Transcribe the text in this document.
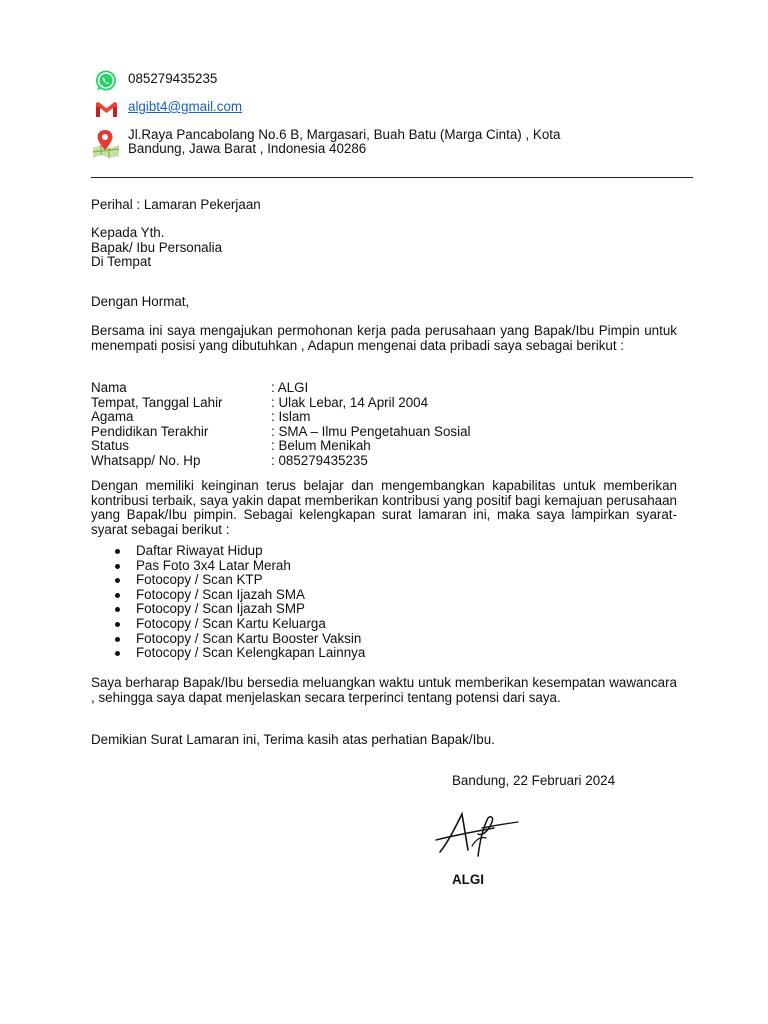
085279435235
algibt4@gmail.com
Jl.Raya Pancabolang No.6 B, Margasari, Buah Batu (Marga Cinta) , Kota
Bandung, Jawa Barat , Indonesia 40286
Perihal : Lamaran Pekerjaan
Kepada Yth.
Bapak/ Ibu Personalia
Di Tempat
Dengan Hormat,
Bersama ini saya mengajukan permohonan kerja pada perusahaan yang Bapak/Ibu Pimpin untuk menempati posisi yang dibutuhkan , Adapun mengenai data pribadi saya sebagai berikut :
Nama	: ALGI
Tempat, Tanggal Lahir	: Ulak Lebar, 14 April 2004
Agama	: Islam
Pendidikan Terakhir	: SMA – Ilmu Pengetahuan Sosial
Status	: Belum Menikah
Whatsapp/ No. Hp	: 085279435235
Dengan memiliki keinginan terus belajar dan mengembangkan kapabilitas untuk memberikan kontribusi terbaik, saya yakin dapat memberikan kontribusi yang positif bagi kemajuan perusahaan yang Bapak/Ibu pimpin. Sebagai kelengkapan surat lamaran ini, maka saya lampirkan syarat-syarat sebagai berikut :
Daftar Riwayat Hidup
Pas Foto 3x4 Latar Merah
Fotocopy / Scan KTP
Fotocopy / Scan Ijazah SMA
Fotocopy / Scan Ijazah SMP
Fotocopy / Scan Kartu Keluarga
Fotocopy / Scan Kartu Booster Vaksin
Fotocopy / Scan Kelengkapan Lainnya
Saya berharap Bapak/Ibu bersedia meluangkan waktu untuk memberikan kesempatan wawancara , sehingga saya dapat menjelaskan secara terperinci tentang potensi dari saya.
Demikian Surat Lamaran ini, Terima kasih atas perhatian Bapak/Ibu.
Bandung, 22 Februari 2024
ALGI
